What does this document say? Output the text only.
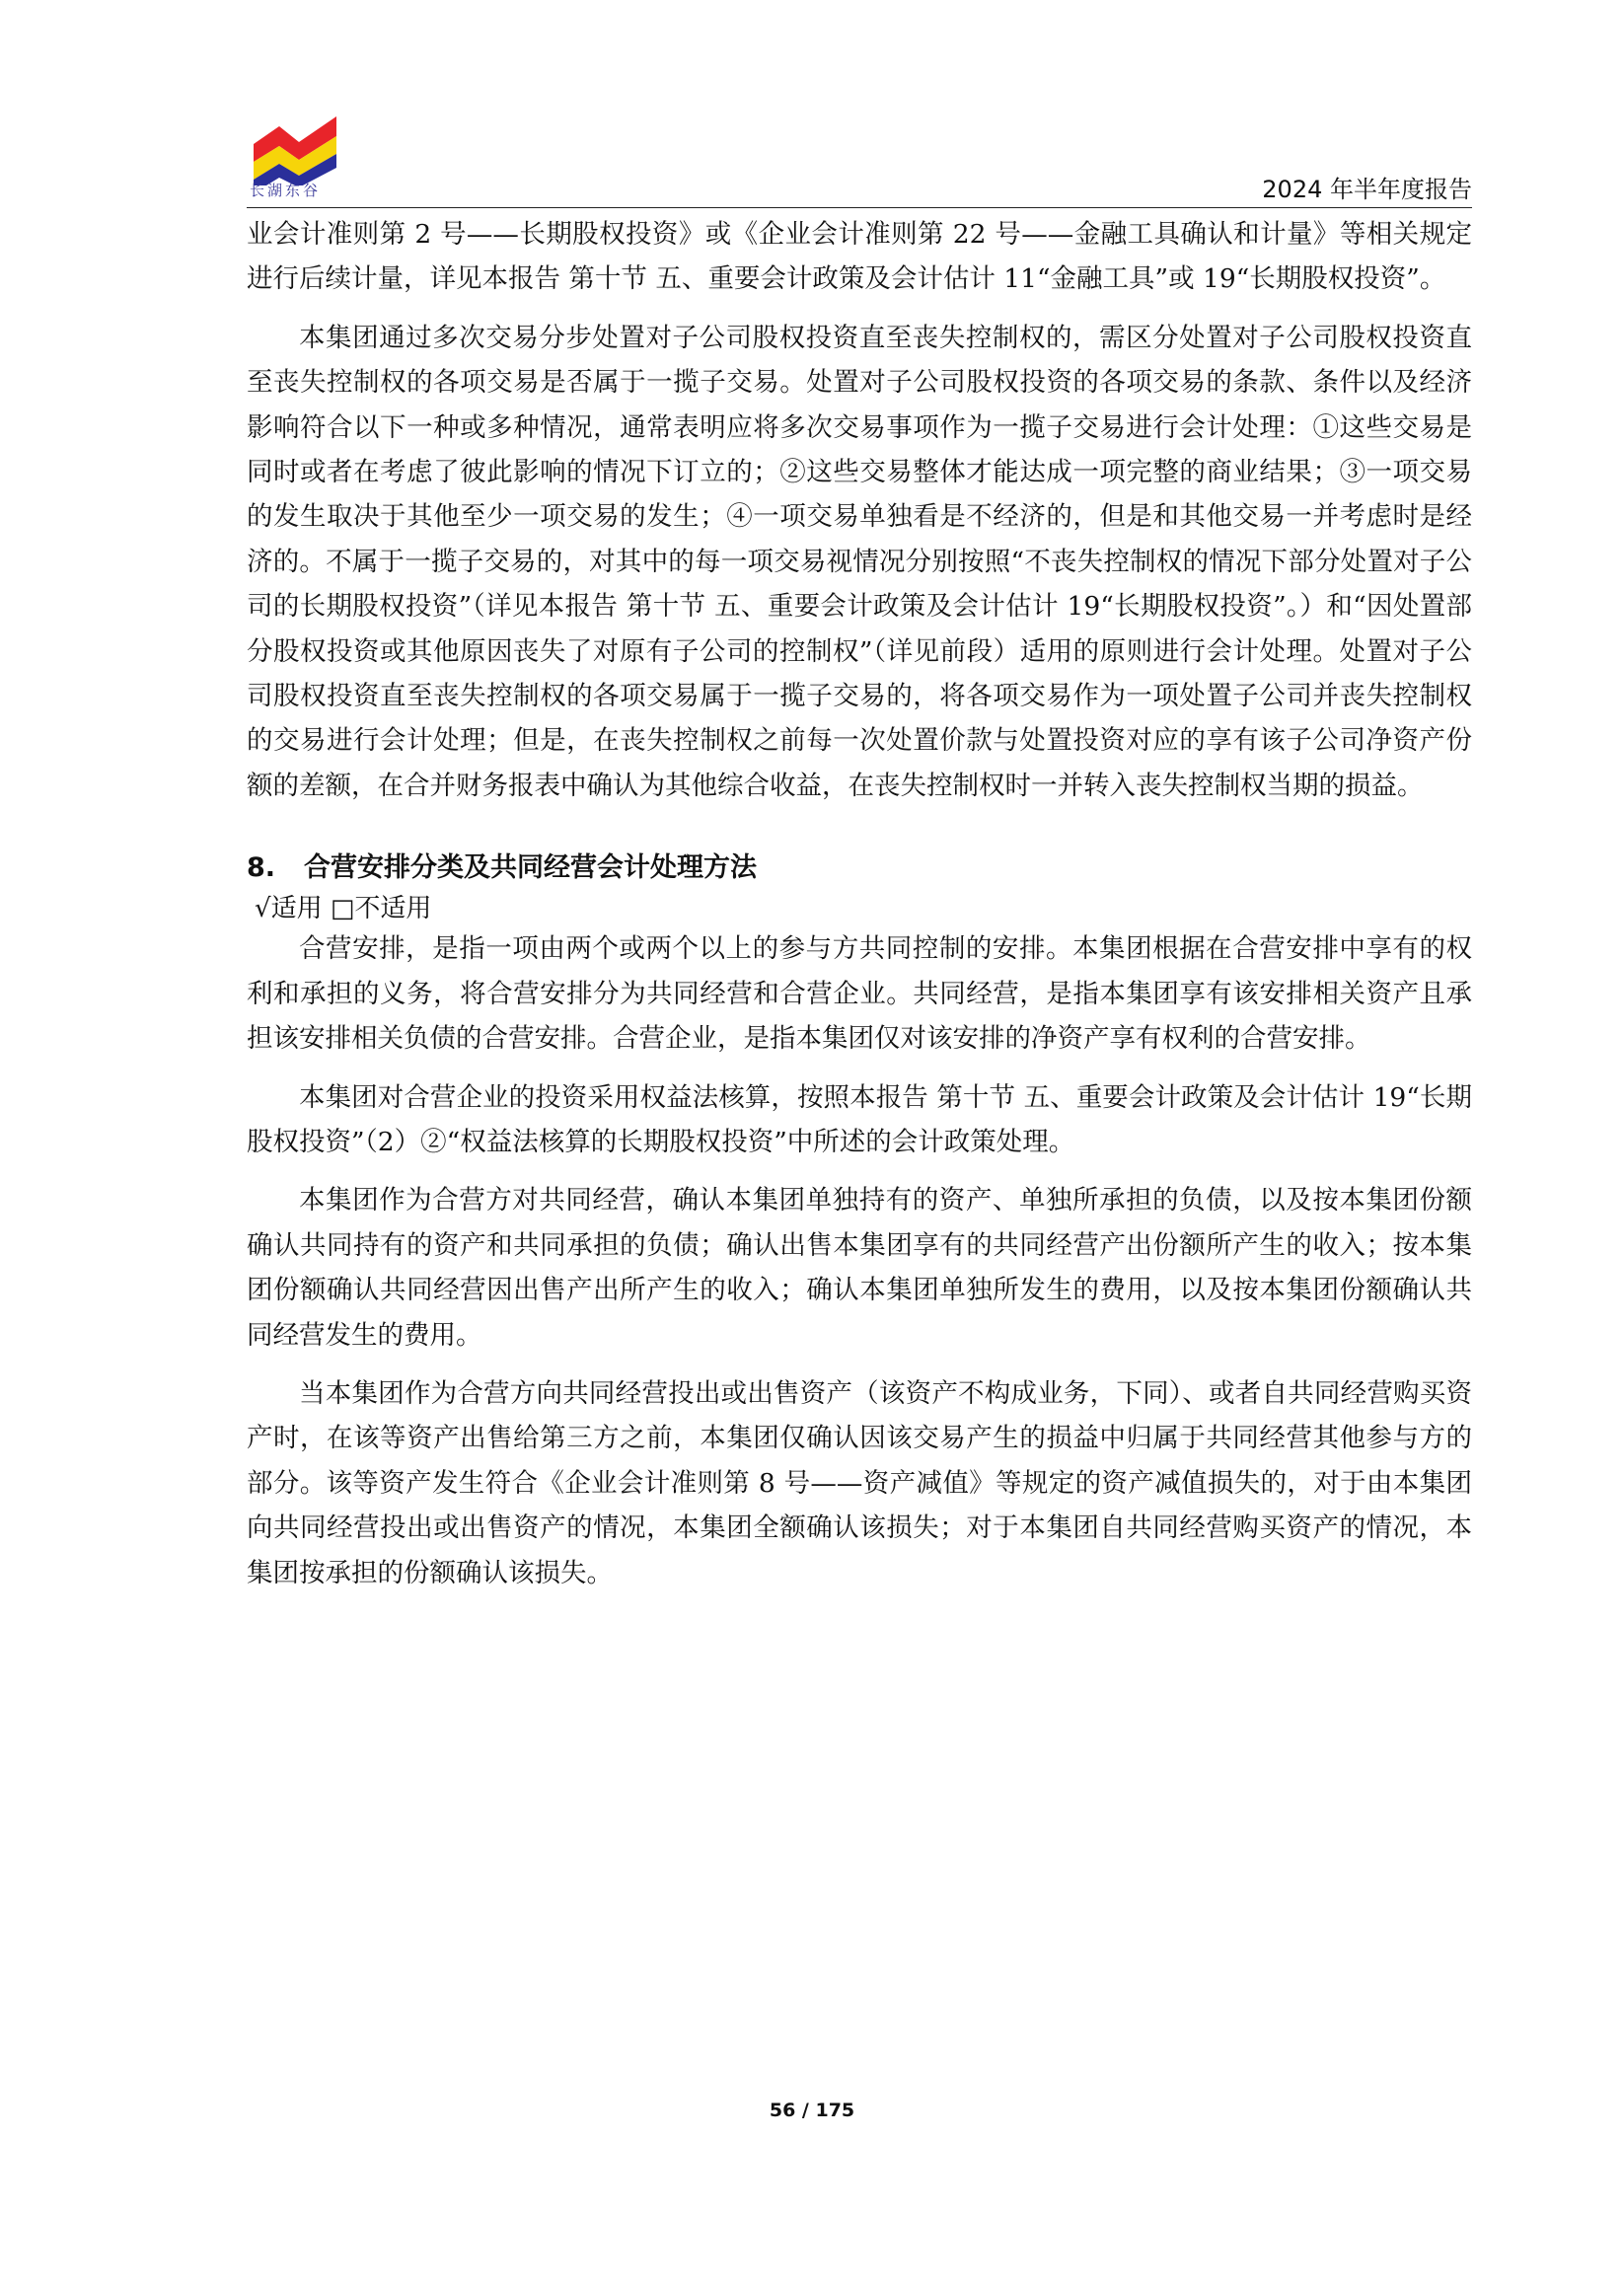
长湖东谷	2024 年半年度报告

业会计准则第 2 号——长期股权投资》或《企业会计准则第 22 号——金融工具确认和计量》等相关规定进行后续计量，详见本报告 第十节 五、重要会计政策及会计估计 11“金融工具”或 19“长期股权投资”。

本集团通过多次交易分步处置对子公司股权投资直至丧失控制权的，需区分处置对子公司股权投资直至丧失控制权的各项交易是否属于一揽子交易。处置对子公司股权投资的各项交易的条款、条件以及经济影响符合以下一种或多种情况，通常表明应将多次交易事项作为一揽子交易进行会计处理：①这些交易是同时或者在考虑了彼此影响的情况下订立的；②这些交易整体才能达成一项完整的商业结果；③一项交易的发生取决于其他至少一项交易的发生；④一项交易单独看是不经济的，但是和其他交易一并考虑时是经济的。不属于一揽子交易的，对其中的每一项交易视情况分别按照“不丧失控制权的情况下部分处置对子公司的长期股权投资”（详见本报告 第十节 五、重要会计政策及会计估计 19“长期股权投资”。）和“因处置部分股权投资或其他原因丧失了对原有子公司的控制权”（详见前段）适用的原则进行会计处理。处置对子公司股权投资直至丧失控制权的各项交易属于一揽子交易的，将各项交易作为一项处置子公司并丧失控制权的交易进行会计处理；但是，在丧失控制权之前每一次处置价款与处置投资对应的享有该子公司净资产份额的差额，在合并财务报表中确认为其他综合收益，在丧失控制权时一并转入丧失控制权当期的损益。

8. 合营安排分类及共同经营会计处理方法
√适用 □不适用

合营安排，是指一项由两个或两个以上的参与方共同控制的安排。本集团根据在合营安排中享有的权利和承担的义务，将合营安排分为共同经营和合营企业。共同经营，是指本集团享有该安排相关资产且承担该安排相关负债的合营安排。合营企业，是指本集团仅对该安排的净资产享有权利的合营安排。

本集团对合营企业的投资采用权益法核算，按照本报告 第十节 五、重要会计政策及会计估计 19“长期股权投资”（2）②“权益法核算的长期股权投资”中所述的会计政策处理。

本集团作为合营方对共同经营，确认本集团单独持有的资产、单独所承担的负债，以及按本集团份额确认共同持有的资产和共同承担的负债；确认出售本集团享有的共同经营产出份额所产生的收入；按本集团份额确认共同经营因出售产出所产生的收入；确认本集团单独所发生的费用，以及按本集团份额确认共同经营发生的费用。

当本集团作为合营方向共同经营投出或出售资产（该资产不构成业务，下同）、或者自共同经营购买资产时，在该等资产出售给第三方之前，本集团仅确认因该交易产生的损益中归属于共同经营其他参与方的部分。该等资产发生符合《企业会计准则第 8 号——资产减值》等规定的资产减值损失的，对于由本集团向共同经营投出或出售资产的情况，本集团全额确认该损失；对于本集团自共同经营购买资产的情况，本集团按承担的份额确认该损失。

56 / 175
